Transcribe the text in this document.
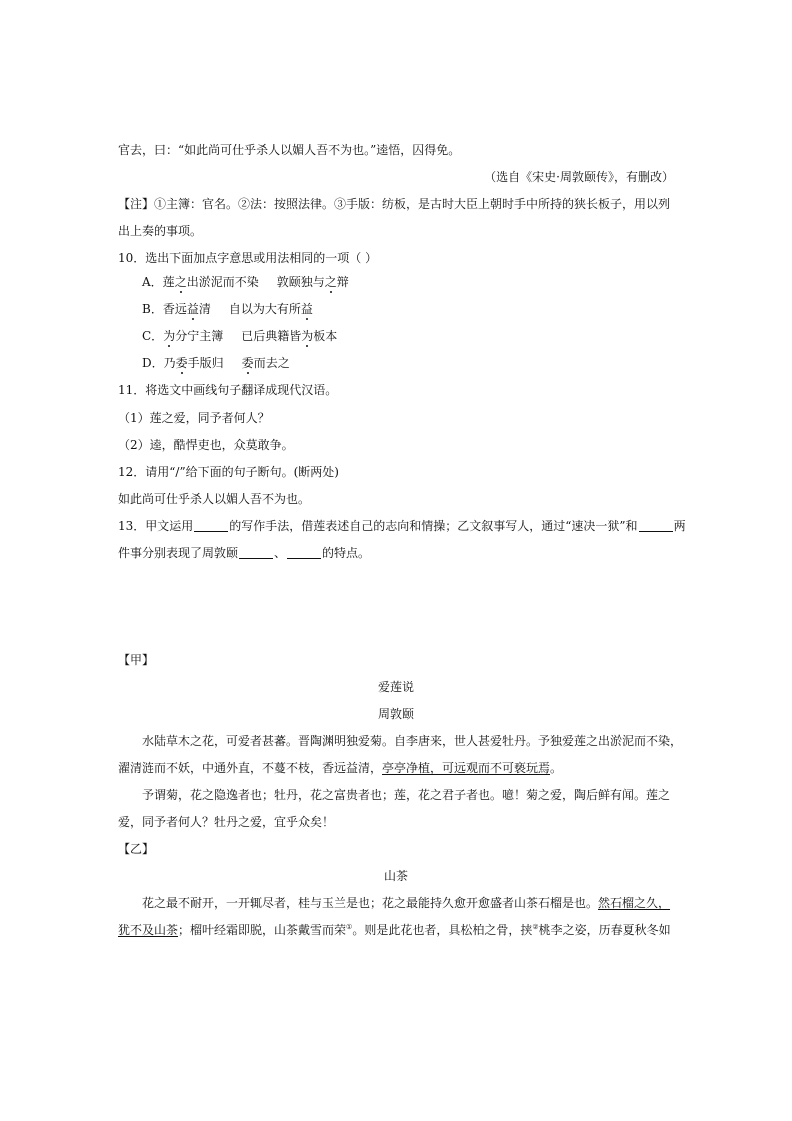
官去，曰：“如此尚可仕乎杀人以媚人吾不为也。”逵悟，囚得免。
（选自《宋史·周敦颐传》，有删改）
【注】①主簿：官名。②法：按照法律。③手版：纺板，是古时大臣上朝时手中所持的狭长板子，用以列
出上奏的事项。
10．选出下面加点字意思或用法相同的一项（ ）
A．莲之出淤泥而不染 敦颐独与之辩
B．香远益清 自以为大有所益
C．为分宁主簿 已后典籍皆为板本
D．乃委手版归 委而去之
11．将选文中画线句子翻译成现代汉语。
（1）莲之爱，同予者何人？
（2）逵，酷悍吏也，众莫敢争。
12．请用“/”给下面的句子断句。(断两处)
如此尚可仕乎杀人以媚人吾不为也。
13．甲文运用	的写作手法，借莲表述自己的志向和情操；乙文叙事写人，通过“速决一狱”和	两
件事分别表现了周敦颐	、	的特点。
【甲】
爱莲说
周敦颐
水陆草木之花，可爱者甚蕃。晋陶渊明独爱菊。自李唐来，世人甚爱牡丹。予独爱莲之出淤泥而不染，
濯清涟而不妖，中通外直，不蔓不枝，香远益清，亭亭净植，可远观而不可亵玩焉。
予谓菊，花之隐逸者也；牡丹，花之富贵者也；莲，花之君子者也。噫！菊之爱，陶后鲜有闻。莲之
爱，同予者何人？牡丹之爱，宜乎众矣！
【乙】
山茶
花之最不耐开，一开辄尽者，桂与玉兰是也；花之最能持久愈开愈盛者山茶石榴是也。然石榴之久，
犹不及山茶；榴叶经霜即脱，山茶戴雪而荣①。则是此花也者，具松柏之骨，挟②桃李之姿，历春夏秋冬如
